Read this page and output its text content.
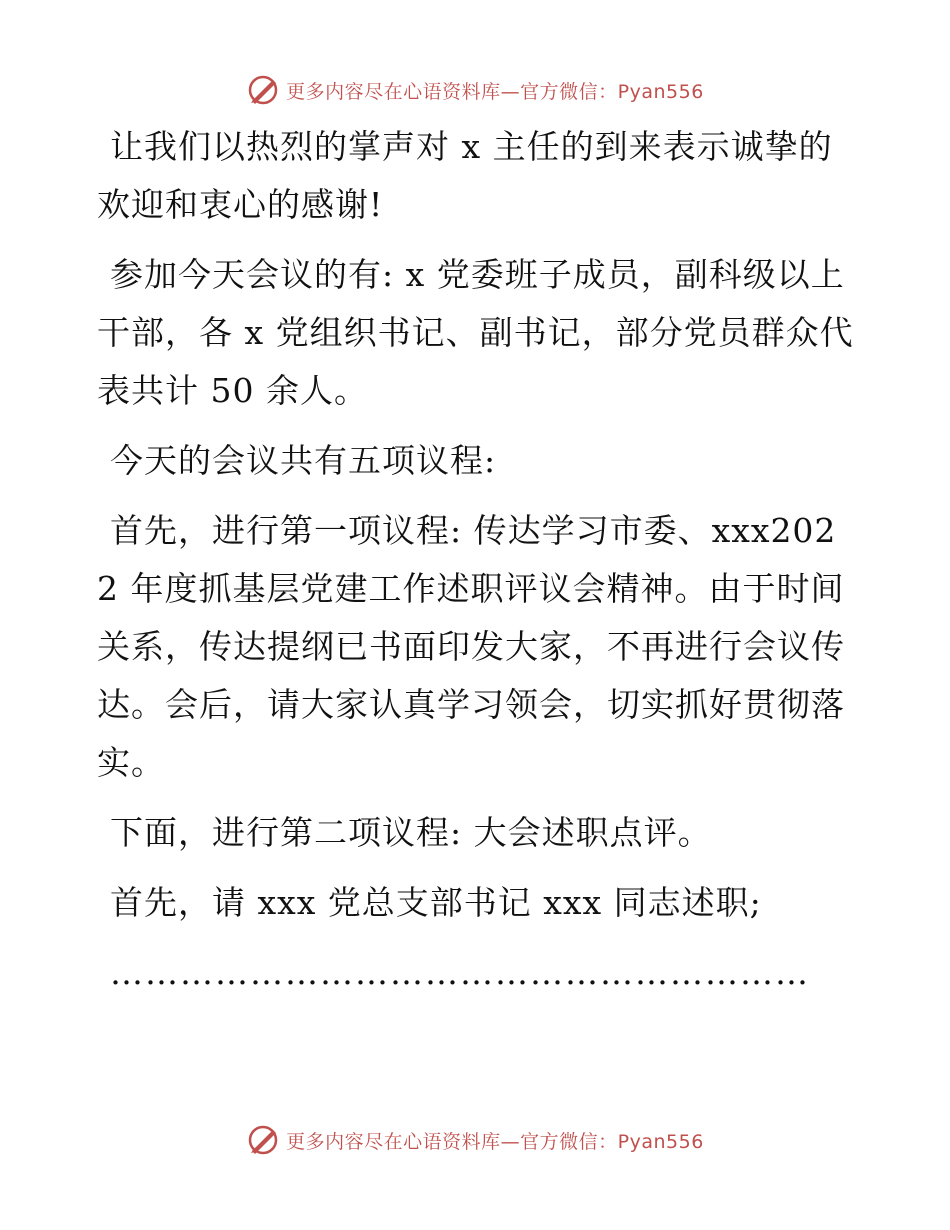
更多内容尽在心语资料库—官方微信：Pyan556

让我们以热烈的掌声对 x 主任的到来表示诚挚的欢迎和衷心的感谢!

参加今天会议的有: x 党委班子成员，副科级以上干部，各 x 党组织书记、副书记，部分党员群众代表共计 50 余人。

今天的会议共有五项议程:

首先，进行第一项议程: 传达学习市委、xxx2022 年度抓基层党建工作述职评议会精神。由于时间关系，传达提纲已书面印发大家，不再进行会议传达。会后，请大家认真学习领会，切实抓好贯彻落实。

下面，进行第二项议程: 大会述职点评。

首先，请 xxx 党总支部书记 xxx 同志述职;

……………………………………………………

更多内容尽在心语资料库—官方微信：Pyan556
